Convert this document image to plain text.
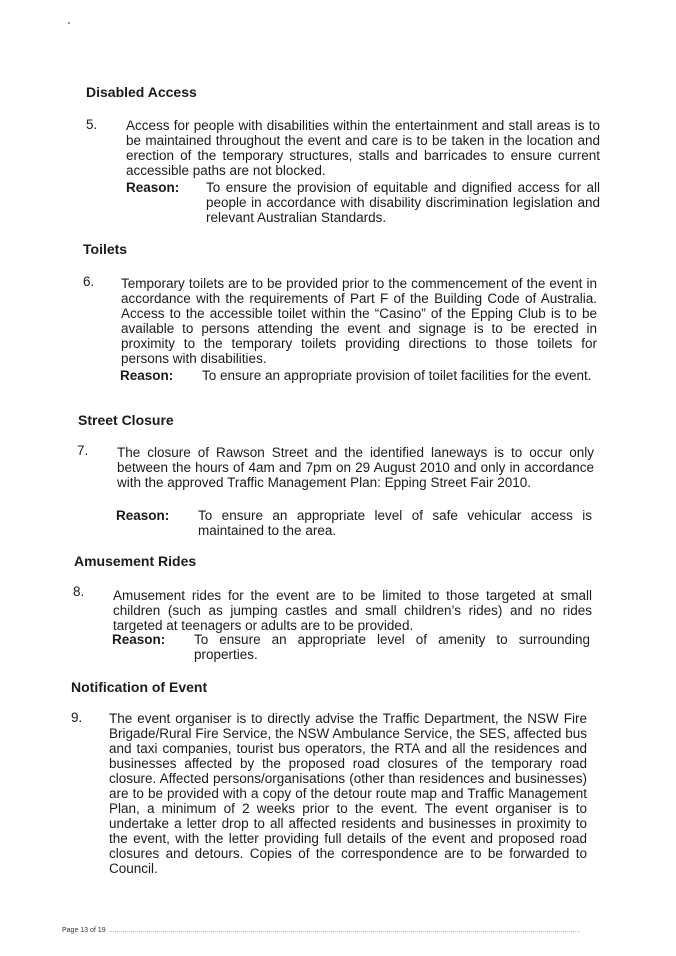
Disabled Access
5. Access for people with disabilities within the entertainment and stall areas is to be maintained throughout the event and care is to be taken in the location and erection of the temporary structures, stalls and barricades to ensure current accessible paths are not blocked.
Reason: To ensure the provision of equitable and dignified access for all people in accordance with disability discrimination legislation and relevant Australian Standards.
Toilets
6. Temporary toilets are to be provided prior to the commencement of the event in accordance with the requirements of Part F of the Building Code of Australia. Access to the accessible toilet within the “Casino” of the Epping Club is to be available to persons attending the event and signage is to be erected in proximity to the temporary toilets providing directions to those toilets for persons with disabilities.
Reason: To ensure an appropriate provision of toilet facilities for the event.
Street Closure
7. The closure of Rawson Street and the identified laneways is to occur only between the hours of 4am and 7pm on 29 August 2010 and only in accordance with the approved Traffic Management Plan: Epping Street Fair 2010.
Reason: To ensure an appropriate level of safe vehicular access is maintained to the area.
Amusement Rides
8. Amusement rides for the event are to be limited to those targeted at small children (such as jumping castles and small children’s rides) and no rides targeted at teenagers or adults are to be provided.
Reason: To ensure an appropriate level of amenity to surrounding properties.
Notification of Event
9. The event organiser is to directly advise the Traffic Department, the NSW Fire Brigade/Rural Fire Service, the NSW Ambulance Service, the SES, affected bus and taxi companies, tourist bus operators, the RTA and all the residences and businesses affected by the proposed road closures of the temporary road closure. Affected persons/organisations (other than residences and businesses) are to be provided with a copy of the detour route map and Traffic Management Plan, a minimum of 2 weeks prior to the event. The event organiser is to undertake a letter drop to all affected residents and businesses in proximity to the event, with the letter providing full details of the event and proposed road closures and detours. Copies of the correspondence are to be forwarded to Council.
Page 13 of 19
